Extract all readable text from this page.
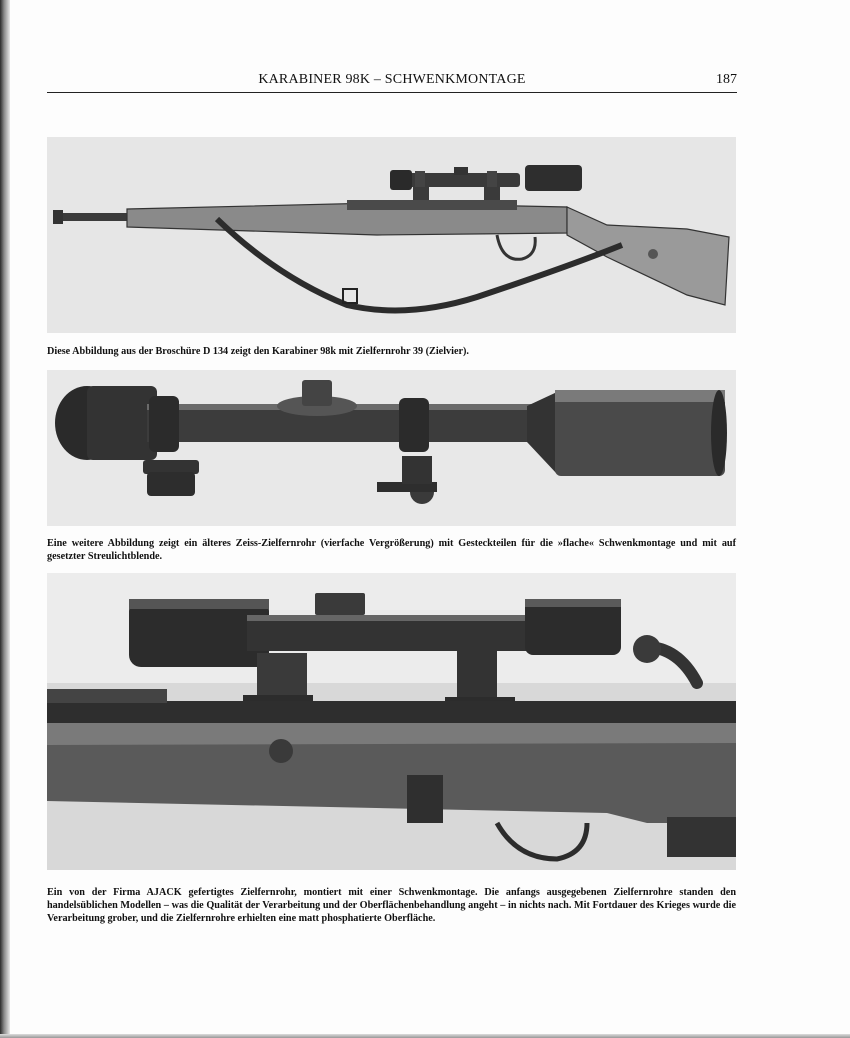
KARABINER 98K – SCHWENKMONTAGE	187
Diese Abbildung aus der Broschüre D 134 zeigt den Karabiner 98k mit Zielfernrohr 39 (Zielvier).
Eine weitere Abbildung zeigt ein älteres Zeiss-Zielfernrohr (vierfache Vergrößerung) mit Gesteckteilen für die »flache« Schwenkmontage und mit auf gesetzter Streulichtblende.
Ein von der Firma AJACK gefertigtes Zielfernrohr, montiert mit einer Schwenkmontage. Die anfangs ausgegebenen Zielfernrohre standen den handelsüblichen Modellen – was die Qualität der Verarbeitung und der Oberflächenbehandlung angeht – in nichts nach. Mit Fortdauer des Krieges wurde die Verarbeitung grober, und die Zielfernrohre erhielten eine matt phosphatierte Oberfläche.
